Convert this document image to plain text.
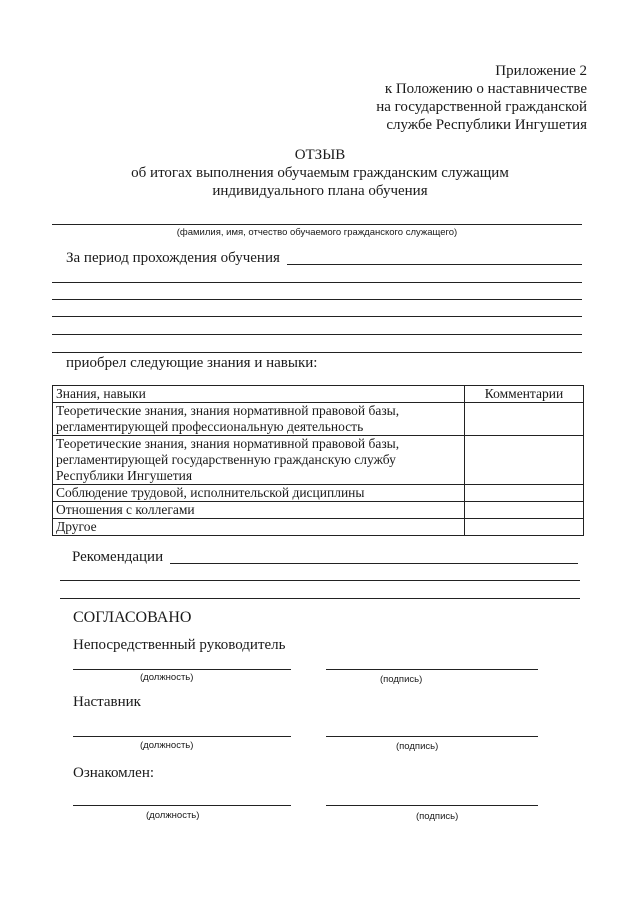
Приложение 2
к Положению о наставничестве
на государственной гражданской
службе Республики Ингушетия
ОТЗЫВ
об итогах выполнения обучаемым гражданским служащим
индивидуального плана обучения
(фамилия, имя, отчество обучаемого гражданского служащего)
За период прохождения обучения
приобрел следующие знания и навыки:
Знания, навыки	Комментарии

Теоретические знания, знания нормативной правовой базы,
регламентирующей профессиональную деятельность	

Теоретические знания, знания нормативной правовой базы,
регламентирующей государственную гражданскую службу
Республики Ингушетия	

Соблюдение трудовой, исполнительской дисциплины	

Отношения с коллегами	

Другое	

Рекомендации
СОГЛАСОВАНО
Непосредственный руководитель
(должность)	(подпись)
Наставник
(должность)	(подпись)
Ознакомлен:
(должность)	(подпись)
